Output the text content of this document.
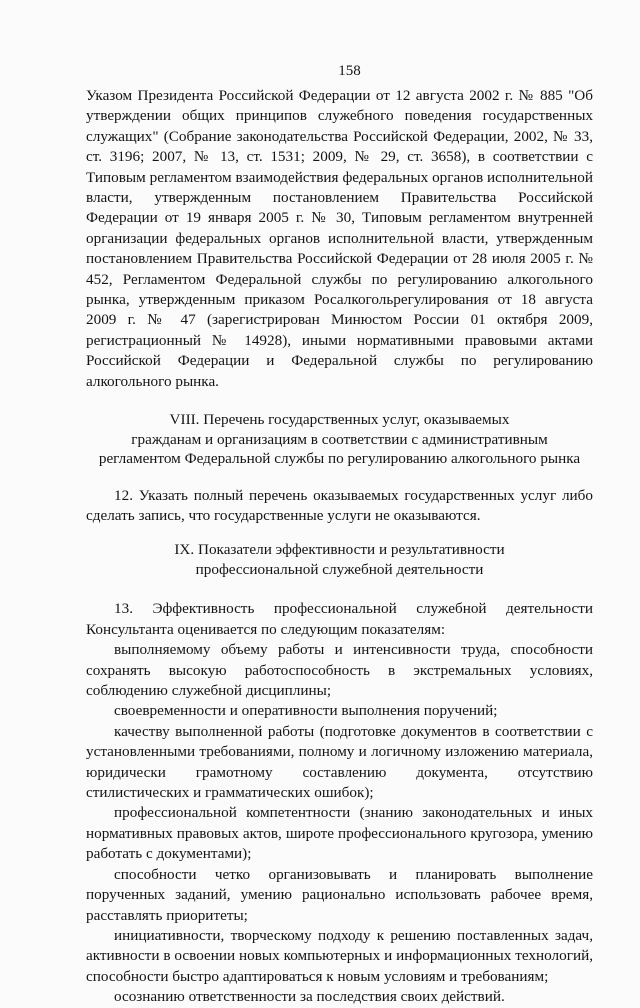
158

Указом Президента Российской Федерации от 12 августа 2002 г. № 885 "Об утверждении общих принципов служебного поведения государственных служащих" (Собрание законодательства Российской Федерации, 2002, № 33, ст. 3196; 2007, № 13, ст. 1531; 2009, № 29, ст. 3658), в соответствии с Типовым регламентом взаимодействия федеральных органов исполнительной власти, утвержденным постановлением Правительства Российской Федерации от 19 января 2005 г. № 30, Типовым регламентом внутренней организации федеральных органов исполнительной власти, утвержденным постановлением Правительства Российской Федерации от 28 июля 2005 г. № 452, Регламентом Федеральной службы по регулированию алкогольного рынка, утвержденным приказом Росалкогольрегулирования от 18 августа 2009 г. № 47 (зарегистрирован Минюстом России 01 октября 2009, регистрационный № 14928), иными нормативными правовыми актами Российской Федерации и Федеральной службы по регулированию алкогольного рынка.

VIII. Перечень государственных услуг, оказываемых
гражданам и организациям в соответствии с административным
регламентом Федеральной службы по регулированию алкогольного рынка

12. Указать полный перечень оказываемых государственных услуг либо сделать запись, что государственные услуги не оказываются.

IX. Показатели эффективности и результативности
профессиональной служебной деятельности

13. Эффективность профессиональной служебной деятельности Консультанта оценивается по следующим показателям:

выполняемому объему работы и интенсивности труда, способности сохранять высокую работоспособность в экстремальных условиях, соблюдению служебной дисциплины;

своевременности и оперативности выполнения поручений;

качеству выполненной работы (подготовке документов в соответствии с установленными требованиями, полному и логичному изложению материала, юридически грамотному составлению документа, отсутствию стилистических и грамматических ошибок);

профессиональной компетентности (знанию законодательных и иных нормативных правовых актов, широте профессионального кругозора, умению работать с документами);

способности четко организовывать и планировать выполнение порученных заданий, умению рационально использовать рабочее время, расставлять приоритеты;

инициативности, творческому подходу к решению поставленных задач, активности в освоении новых компьютерных и информационных технологий, способности быстро адаптироваться к новым условиям и требованиям;

осознанию ответственности за последствия своих действий.
